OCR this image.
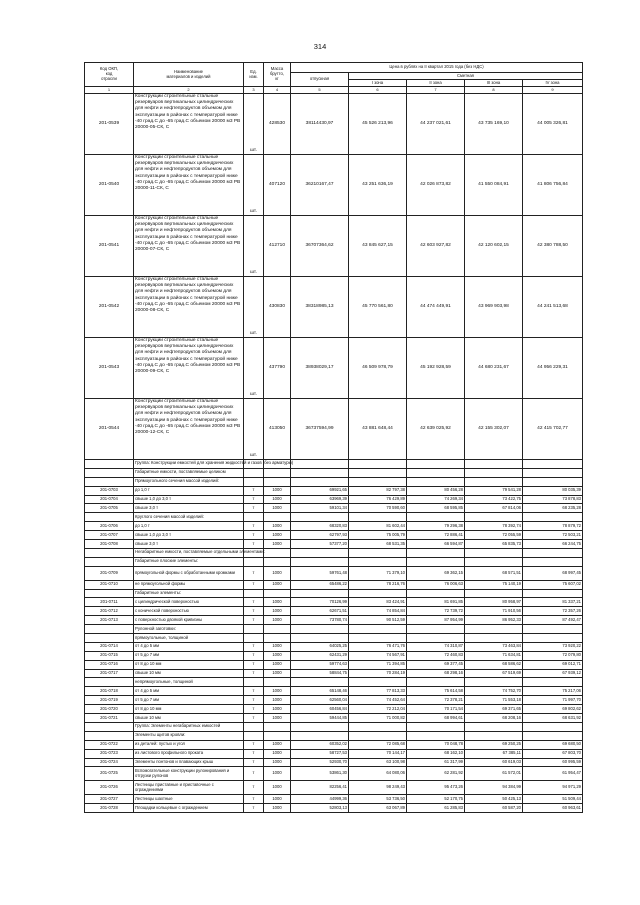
314
Код ОКП,
код
отрасли	Наименование
материалов и изделий	Ед.
изм.	Масса
брутто,
кг	Цена в рублях на II квартал 2015 года (без НДС)				
				отпускная	Сметная			
					I зона	II зона	III зона	IV зона
1	2	3	4	5	6	7	8	9
201-0539	Конструкции строительные стальные резервуаров вертикальных цилиндрических для нефти и нефтепродуктов объемом для эксплуатации в районах с температурой ниже -40 град.С до -65 град.С объемом 20000 м3 РВ 20000-05-СК, С	шт.	428530	38114430,97	45 526 213,96	44 237 021,61	43 735 169,10	44 005 326,81
201-0540	Конструкции строительные стальные резервуаров вертикальных цилиндрических для нефти и нефтепродуктов объемом для эксплуатации в районах с температурой ниже -40 град.С до -65 град.С объемом 20000 м3 РВ 20000-11-СК, С	шт.	407120	36210167,47	43 251 636,19	42 026 873,82	41 550 084,91	41 806 756,84
201-0541	Конструкции строительные стальные резервуаров вертикальных цилиндрических для нефти и нефтепродуктов объемом для эксплуатации в районах с температурой ниже -40 град.С до -65 град.С объемом 20000 м3 РВ 20000-07-СК, С	шт.	412710	36707364,62	43 845 627,15	42 603 927,82	42 120 602,15	42 380 788,50
201-0542	Конструкции строительные стальные резервуаров вертикальных цилиндрических для нефти и нефтепродуктов объемом для эксплуатации в районах с температурой ниже -40 град.С до -65 град.С объемом 20000 м3 РВ 20000-08-СК, С	шт.	430830	38318985,13	45 770 561,80	44 474 449,91	43 969 903,98	44 241 513,68
201-0543	Конструкции строительные стальные резервуаров вертикальных цилиндрических для нефти и нефтепродуктов объемом для эксплуатации в районах с температурой ниже -40 град.С до -65 град.С объемом 20000 м3 РВ 20000-09-СК, С	шт.	437790	38938029,17	46 509 978,79	45 192 928,59	44 680 231,67	44 956 229,31
201-0544	Конструкции строительные стальные резервуаров вертикальных цилиндрических для нефти и нефтепродуктов объемом для эксплуатации в районах с температурой ниже -40 град.С до -65 град.С объемом 20000 м3 РВ 20000-12-СК, С	шт.	413050	36737594,99	43 881 648,44	42 639 025,92	42 155 302,07	42 415 702,77
	Группа: Конструкции емкостей для хранения жидкостей и газов (без арматуры)							
	Габаритные емкости, поставляемые целиком							
	Прямоугольного сечения массой изделий:							
201-0703	до 1,0 т	т	1000	69921,65	82 797,38	80 456,28	79 541,28	80 035,39
201-0704	свыше 1,0 до 3,0 т	т	1000	63969,39	76 429,89	74 269,34	73 422,75	73 878,83
201-0705	свыше 3,0 т	т	1000	59101,34	70 590,60	68 595,85	67 814,06	68 235,28
	Круглого сечения массой изделий:							
201-0706	до 1,0 т	т	1000	68320,83	81 602,44	79 296,38	78 392,74	78 879,72
201-0707	свыше 1,0 до 3,0 т	т	1000	62797,93	75 005,79	72 886,41	72 055,59	72 503,21
201-0708	свыше 3,0 т	т	1000	57377,20	68 531,35	66 594,87	65 835,73	66 244,75
	Негабаритные емкости, поставляемые отдельными элементами:							
	Габаритные плоские элементы:							
201-0709	прямоугольной формы с обработанными кромками	т	1000	59761,48	71 379,10	69 362,15	68 571,51	68 997,45
201-0710	не прямоугольной формы	т	1000	65486,22	78 216,76	76 006,63	75 140,19	75 607,02
	Габаритные элементы:							
201-0711	с цилиндрической поверхностью	т	1000	70126,99	83 424,91	81 691,85	80 958,97	81 337,21
201-0712	с конической поверхностью	т	1000	62671,51	74 854,84	72 739,72	71 910,56	72 357,26
201-0713	с поверхностью двоякой кривизны	т	1000	73780,74	90 512,59	87 954,99	86 952,33	87 492,47
	Рулонной заготовки:							
	прямоугольные, толщиной							
201-0714	от 4 до 5 мм	т	1000	64025,25	76 471,76	74 310,87	73 463,84	73 920,22
201-0715	от 5 до 7 мм	т	1000	62431,29	74 567,91	72 460,83	71 634,81	72 079,80
201-0716	от 8 до 10 мм	т	1000	59774,63	71 394,85	69 377,45	68 586,62	69 012,71
201-0717	свыше 10 мм	т	1000	58844,75	70 284,19	68 298,16	67 519,69	67 939,12
	непрямоугольные, толщиной							
201-0718	от 4 до 5 мм	т	1000	65148,46	77 813,33	75 614,58	74 752,70	75 217,06
201-0719	от 5 до 7 мм	т	1000	62560,04	74 452,64	72 378,21	71 553,18	71 997,70
201-0720	от 8 до 10 мм	т	1000	60456,84	72 212,04	70 171,54	69 371,65	69 802,62
201-0721	свыше 10 мм	т	1000	59444,85	71 000,82	68 994,61	68 208,16	68 631,92
	Группа: Элементы негабаритных емкостей							
	Элементы щитов кровли:							
201-0722	из деталей: пустых и угол	т	1000	60352,02	72 085,68	70 048,78	69 250,25	69 680,50
201-0723	из листового профильного проката	т	1000	58727,53	70 144,17	68 162,10	67 385,11	67 803,70
201-0724	Элементы понтонов и плавающих крыш	т	1000	52930,70	63 100,98	61 317,99	60 619,03	60 995,59
201-0725	Вспомогательные конструкции рулонирования и отгрузки рулонов	т	1000	53861,30	64 080,06	62 281,92	61 572,01	61 954,47
201-0726	Лестницы приставные и приставочные с ограждениями	т	1000	82256,41	98 249,43	95 473,26	94 384,99	94 971,29
201-0727	Лестницы шахтные	т	1000	44999,36	53 736,50	52 170,75	50 425,13	51 509,44
201-0728	Площадки кольцевые с ограждением	т	1000	52803,13	63 067,89	61 285,83	60 587,20	60 963,61
